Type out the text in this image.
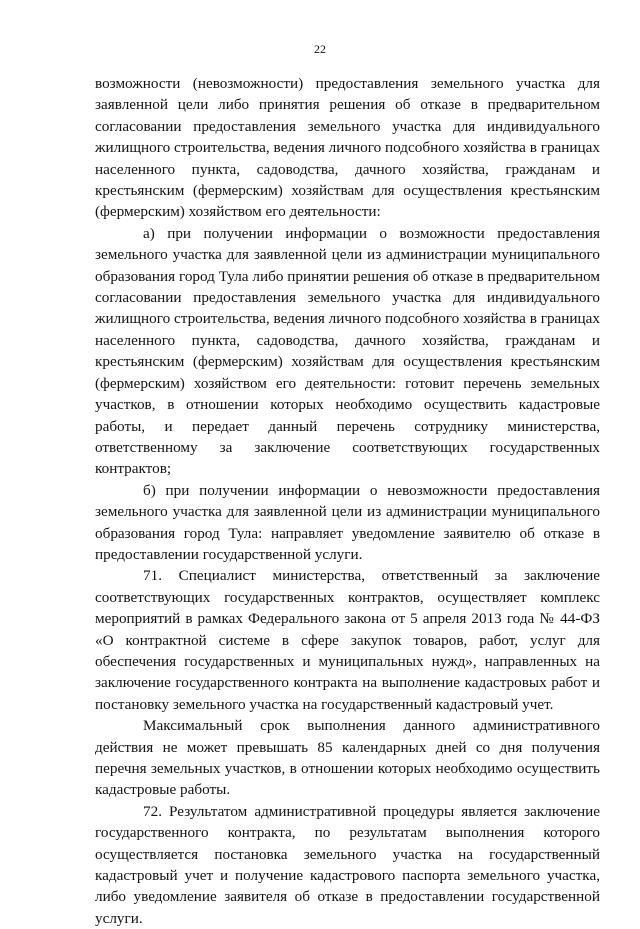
22

возможности (невозможности) предоставления земельного участка для заявленной цели либо принятия решения об отказе в предварительном согласовании предоставления земельного участка для индивидуального жилищного строительства, ведения личного подсобного хозяйства в границах населенного пункта, садоводства, дачного хозяйства, гражданам и крестьянским (фермерским) хозяйствам для осуществления крестьянским (фермерским) хозяйством его деятельности:

а) при получении информации о возможности предоставления земельного участка для заявленной цели из администрации муниципального образования город Тула либо принятии решения об отказе в предварительном согласовании предоставления земельного участка для индивидуального жилищного строительства, ведения личного подсобного хозяйства в границах населенного пункта, садоводства, дачного хозяйства, гражданам и крестьянским (фермерским) хозяйствам для осуществления крестьянским (фермерским) хозяйством его деятельности: готовит перечень земельных участков, в отношении которых необходимо осуществить кадастровые работы, и передает данный перечень сотруднику министерства, ответственному за заключение соответствующих государственных контрактов;

б) при получении информации о невозможности предоставления земельного участка для заявленной цели из администрации муниципального образования город Тула: направляет уведомление заявителю об отказе в предоставлении государственной услуги.

71. Специалист министерства, ответственный за заключение соответствующих государственных контрактов, осуществляет комплекс мероприятий в рамках Федерального закона от 5 апреля 2013 года № 44-ФЗ «О контрактной системе в сфере закупок товаров, работ, услуг для обеспечения государственных и муниципальных нужд», направленных на заключение государственного контракта на выполнение кадастровых работ и постановку земельного участка на государственный кадастровый учет.

Максимальный срок выполнения данного административного действия не может превышать 85 календарных дней со дня получения перечня земельных участков, в отношении которых необходимо осуществить кадастровые работы.

72. Результатом административной процедуры является заключение государственного контракта, по результатам выполнения которого осуществляется постановка земельного участка на государственный кадастровый учет и получение кадастрового паспорта земельного участка, либо уведомление заявителя об отказе в предоставлении государственной услуги.
